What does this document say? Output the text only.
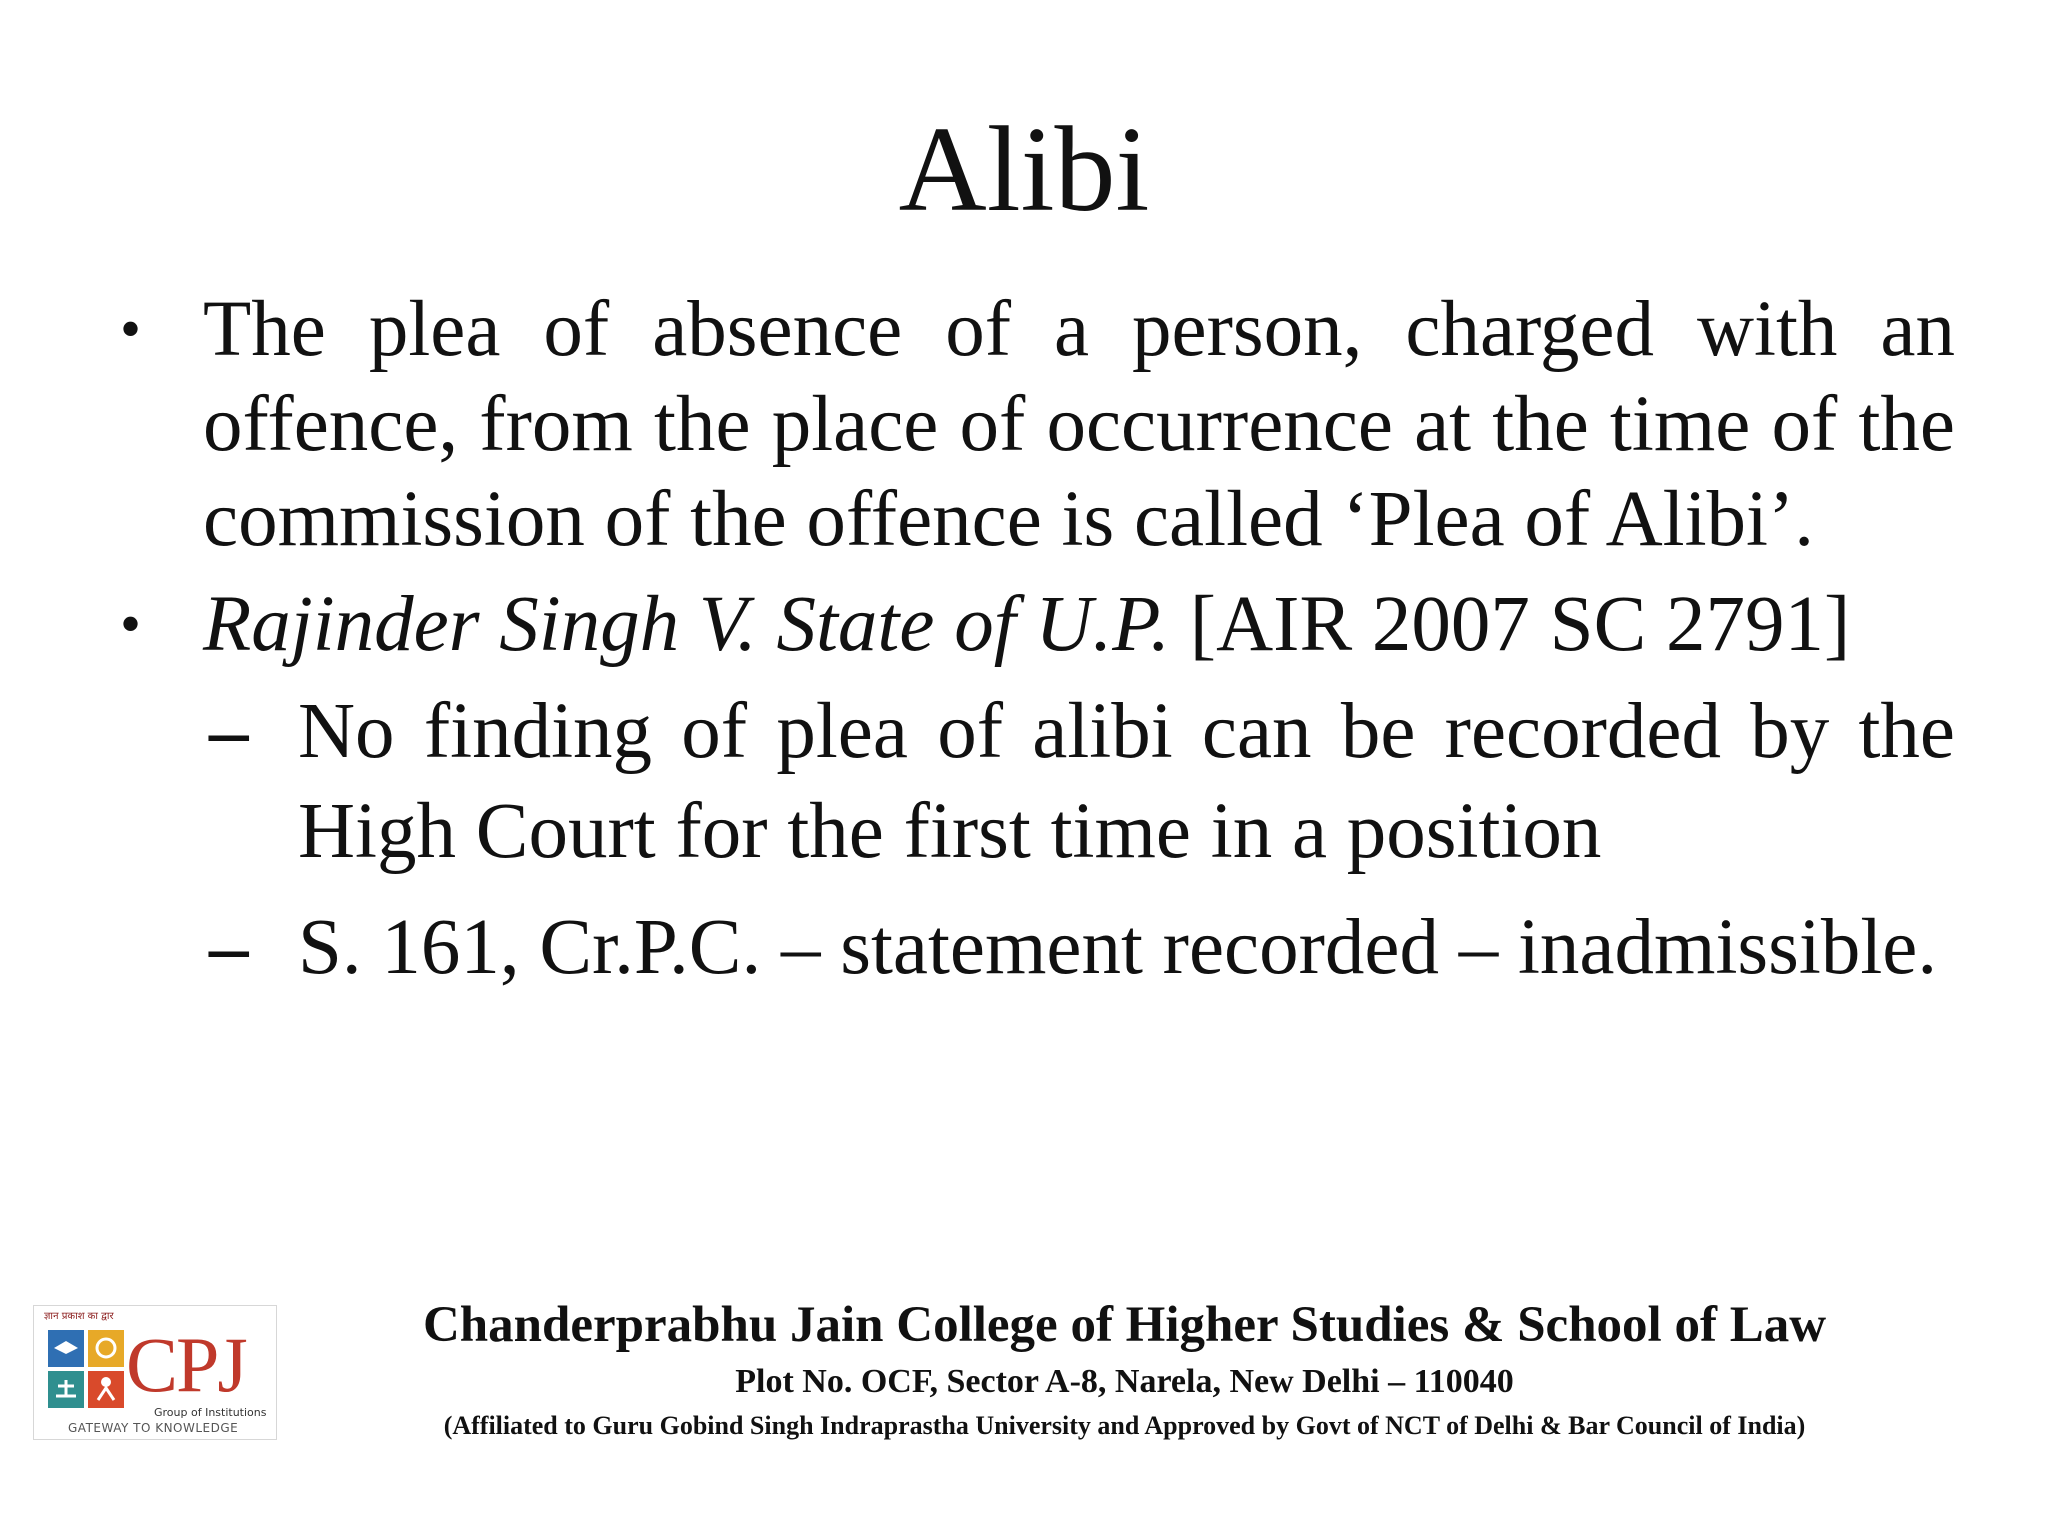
Alibi
• The plea of absence of a person, charged with an offence, from the place of occurrence at the time of the commission of the offence is called ‘Plea of Alibi’.
• Rajinder Singh V. State of U.P. [AIR 2007 SC 2791]
– No finding of plea of alibi can be recorded by the High Court for the first time in a position
– S. 161, Cr.P.C. – statement recorded – inadmissible.
ज्ञान प्रकाश का द्वार
CPJ
Group of Institutions
GATEWAY TO KNOWLEDGE
Chanderprabhu Jain College of Higher Studies & School of Law
Plot No. OCF, Sector A-8, Narela, New Delhi – 110040
(Affiliated to Guru Gobind Singh Indraprastha University and Approved by Govt of NCT of Delhi & Bar Council of India)
